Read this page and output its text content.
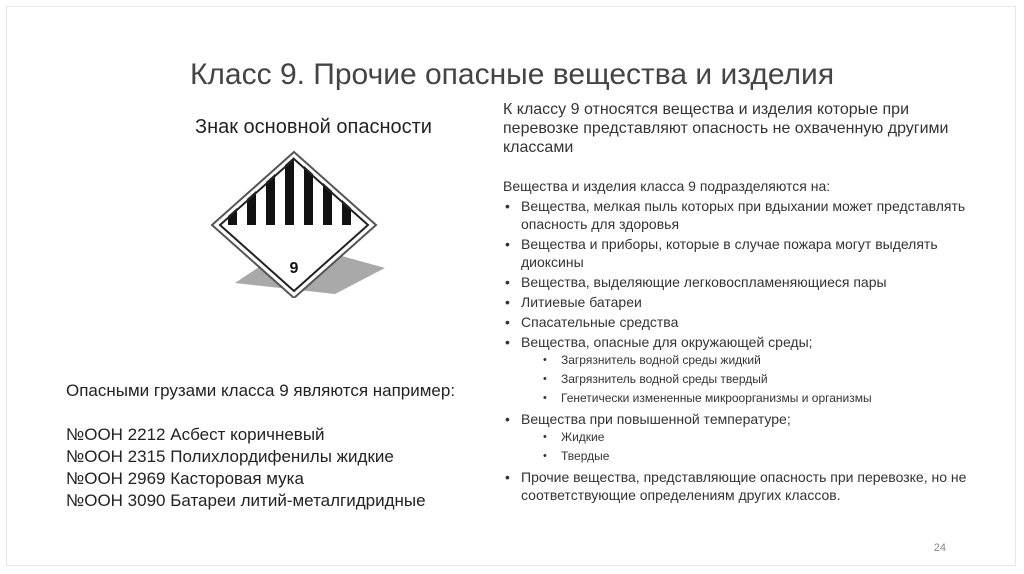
Класс 9. Прочие опасные вещества и изделия
Знак основной опасности
9
Опасными грузами класса 9 являются например:
№ООН 2212 Асбест коричневый
№ООН 2315 Полихлордифенилы жидкие
№ООН 2969 Касторовая мука
№ООН 3090 Батареи литий-металгидридные

К классу 9 относятся вещества и изделия которые при перевозке представляют опасность не охваченную другими классами

Вещества и изделия класса 9 подразделяются на:

• Вещества, мелкая пыль которых при вдыхании может представлять опасность для здоровья
• Вещества и приборы, которые в случае пожара могут выделять диоксины
• Вещества, выделяющие легковоспламеняющиеся пары
• Литиевые батареи
• Спасательные средства
• Вещества, опасные для окружающей среды;
• Загрязнитель водной среды жидкий
• Загрязнитель водной среды твердый
• Генетически измененные микроорганизмы и организмы
• Вещества при повышенной температуре;
• Жидкие
• Твердые
• Прочие вещества, представляющие опасность при перевозке, но не соответствующие определениям других классов.
24
